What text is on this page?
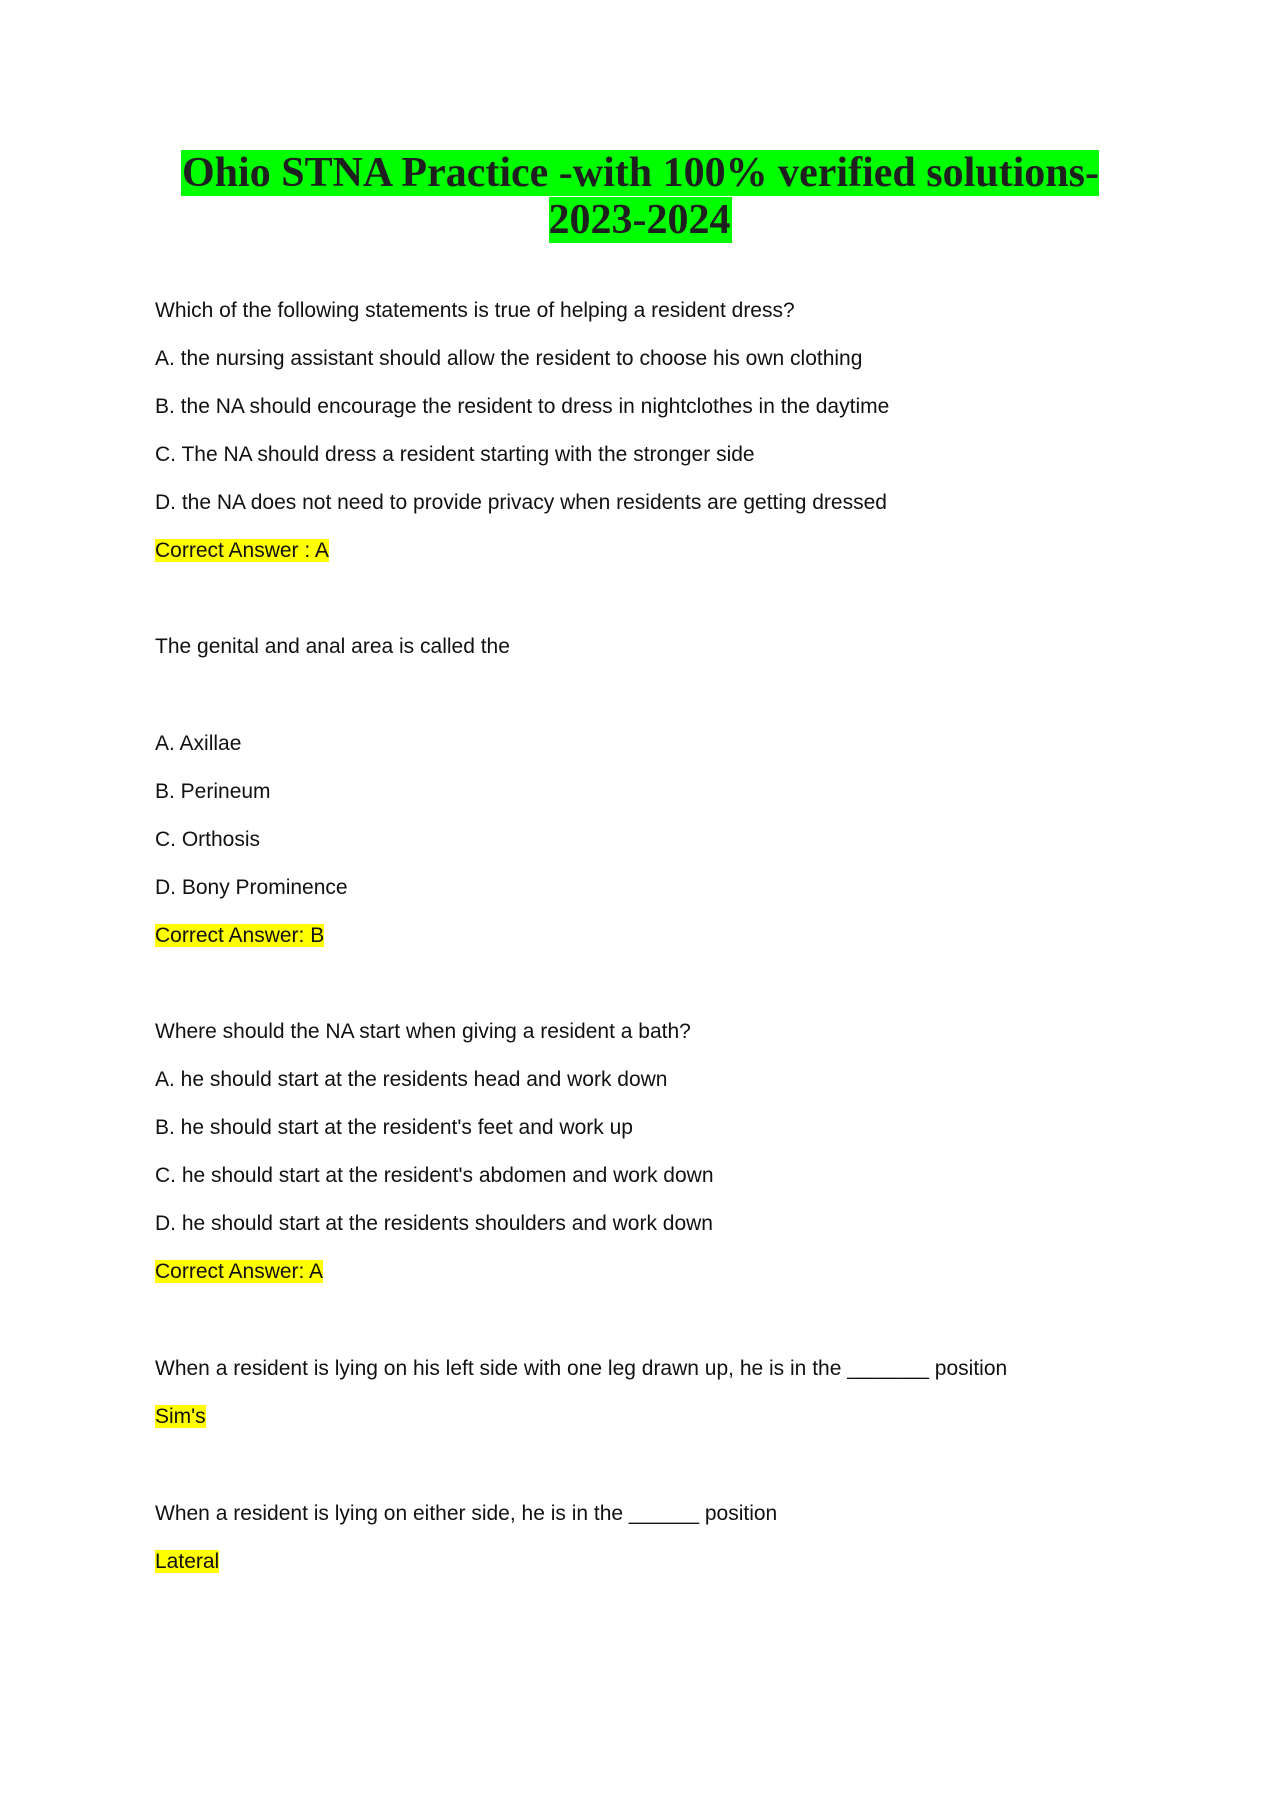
Ohio STNA Practice -with 100% verified solutions-2023-2024

Which of the following statements is true of helping a resident dress?

A. the nursing assistant should allow the resident to choose his own clothing

B. the NA should encourage the resident to dress in nightclothes in the daytime

C. The NA should dress a resident starting with the stronger side

D. the NA does not need to provide privacy when residents are getting dressed

Correct Answer : A

The genital and anal area is called the

A. Axillae

B. Perineum

C. Orthosis

D. Bony Prominence

Correct Answer: B

Where should the NA start when giving a resident a bath?

A. he should start at the residents head and work down

B. he should start at the resident's feet and work up

C. he should start at the resident's abdomen and work down

D. he should start at the residents shoulders and work down

Correct Answer: A

When a resident is lying on his left side with one leg drawn up, he is in the _______ position

Sim's

When a resident is lying on either side, he is in the ______ position

Lateral
